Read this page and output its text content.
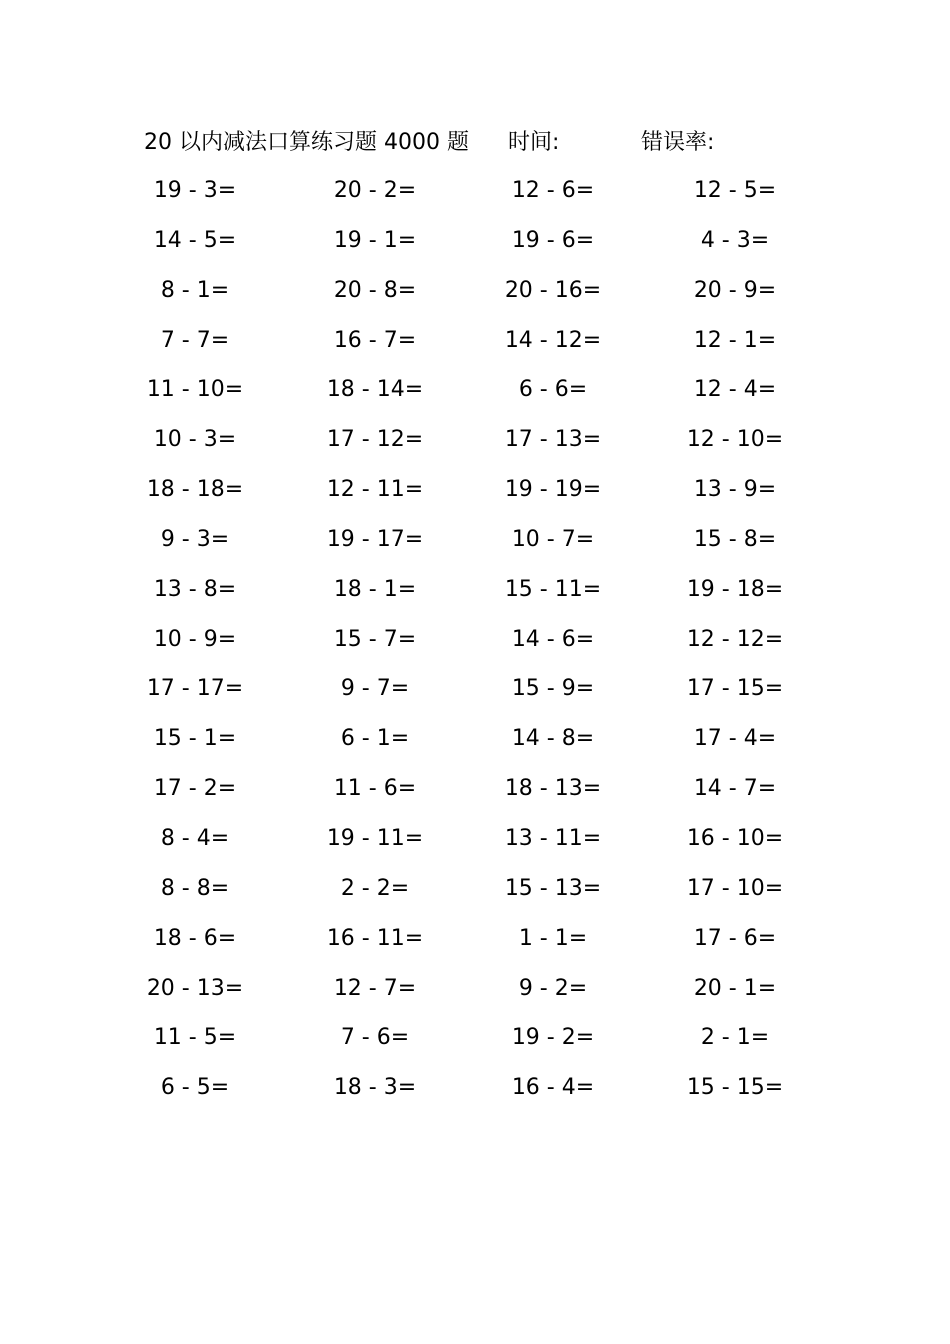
20 以内减法口算练习题 4000 题 时间:	错误率:
19 - 3=	20 - 2=	12 - 6=	12 - 5=
14 - 5=	19 - 1=	19 - 6=	4 - 3=
8 - 1=	20 - 8=	20 - 16=	20 - 9=
7 - 7=	16 - 7=	14 - 12=	12 - 1=
11 - 10=	18 - 14=	6 - 6=	12 - 4=
10 - 3=	17 - 12=	17 - 13=	12 - 10=
18 - 18=	12 - 11=	19 - 19=	13 - 9=
9 - 3=	19 - 17=	10 - 7=	15 - 8=
13 - 8=	18 - 1=	15 - 11=	19 - 18=
10 - 9=	15 - 7=	14 - 6=	12 - 12=
17 - 17=	9 - 7=	15 - 9=	17 - 15=
15 - 1=	6 - 1=	14 - 8=	17 - 4=
17 - 2=	11 - 6=	18 - 13=	14 - 7=
8 - 4=	19 - 11=	13 - 11=	16 - 10=
8 - 8=	2 - 2=	15 - 13=	17 - 10=
18 - 6=	16 - 11=	1 - 1=	17 - 6=
20 - 13=	12 - 7=	9 - 2=	20 - 1=
11 - 5=	7 - 6=	19 - 2=	2 - 1=
6 - 5=	18 - 3=	16 - 4=	15 - 15=
